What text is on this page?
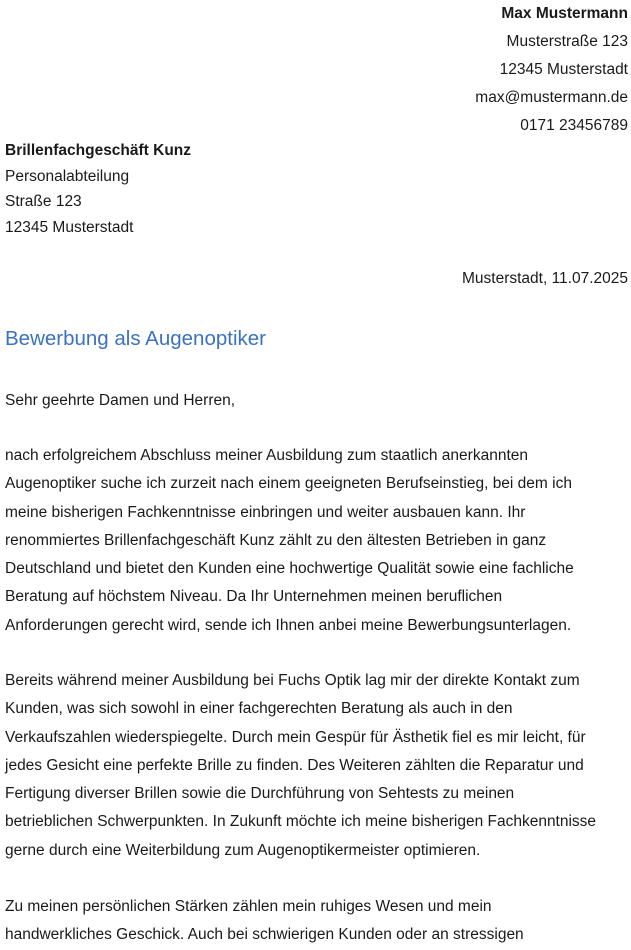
Max Mustermann
Musterstraße 123
12345 Musterstadt
max@mustermann.de
0171 23456789
Brillenfachgeschäft Kunz
Personalabteilung
Straße 123
12345 Musterstadt
Musterstadt, 11.07.2025
Bewerbung als Augenoptiker
Sehr geehrte Damen und Herren,
nach erfolgreichem Abschluss meiner Ausbildung zum staatlich anerkannten
Augenoptiker suche ich zurzeit nach einem geeigneten Berufseinstieg, bei dem ich
meine bisherigen Fachkenntnisse einbringen und weiter ausbauen kann. Ihr
renommiertes Brillenfachgeschäft Kunz zählt zu den ältesten Betrieben in ganz
Deutschland und bietet den Kunden eine hochwertige Qualität sowie eine fachliche
Beratung auf höchstem Niveau. Da Ihr Unternehmen meinen beruflichen
Anforderungen gerecht wird, sende ich Ihnen anbei meine Bewerbungsunterlagen.
Bereits während meiner Ausbildung bei Fuchs Optik lag mir der direkte Kontakt zum
Kunden, was sich sowohl in einer fachgerechten Beratung als auch in den
Verkaufszahlen wiederspiegelte. Durch mein Gespür für Ästhetik fiel es mir leicht, für
jedes Gesicht eine perfekte Brille zu finden. Des Weiteren zählten die Reparatur und
Fertigung diverser Brillen sowie die Durchführung von Sehtests zu meinen
betrieblichen Schwerpunkten. In Zukunft möchte ich meine bisherigen Fachkenntnisse
gerne durch eine Weiterbildung zum Augenoptikermeister optimieren.
Zu meinen persönlichen Stärken zählen mein ruhiges Wesen und mein
handwerkliches Geschick. Auch bei schwierigen Kunden oder an stressigen
